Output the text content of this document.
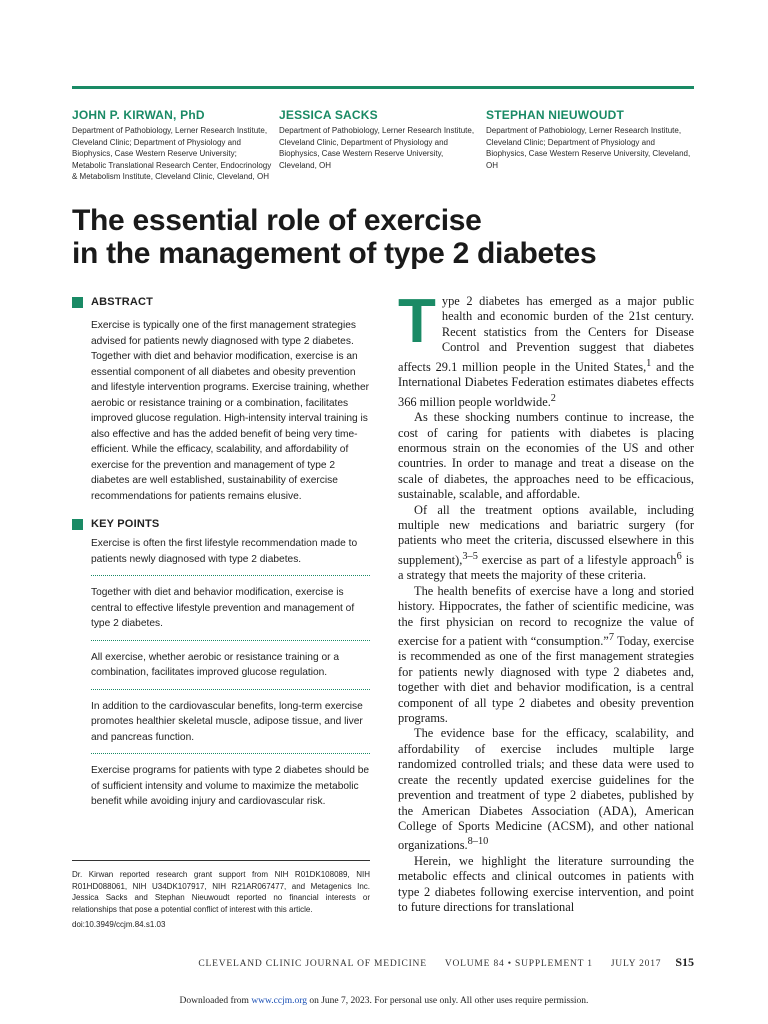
JOHN P. KIRWAN, PhD
Department of Pathobiology, Lerner Research Institute, Cleveland Clinic; Department of Physiology and Biophysics, Case Western Reserve University; Metabolic Translational Research Center, Endocrinology & Metabolism Institute, Cleveland Clinic, Cleveland, OH
JESSICA SACKS
Department of Pathobiology, Lerner Research Institute, Cleveland Clinic, Department of Physiology and Biophysics, Case Western Reserve University, Cleveland, OH
STEPHAN NIEUWOUDT
Department of Pathobiology, Lerner Research Institute, Cleveland Clinic; Department of Physiology and Biophysics, Case Western Reserve University, Cleveland, OH
The essential role of exercise
in the management of type 2 diabetes
ABSTRACT
Exercise is typically one of the first management strategies advised for patients newly diagnosed with type 2 diabetes. Together with diet and behavior modification, exercise is an essential component of all diabetes and obesity prevention and lifestyle intervention programs. Exercise training, whether aerobic or resistance training or a combination, facilitates improved glucose regulation. High-intensity interval training is also effective and has the added benefit of being very time-efficient. While the efficacy, scalability, and affordability of exercise for the prevention and management of type 2 diabetes are well established, sustainability of exercise recommendations for patients remains elusive.
KEY POINTS
Exercise is often the first lifestyle recommendation made to patients newly diagnosed with type 2 diabetes.
Together with diet and behavior modification, exercise is central to effective lifestyle prevention and management of type 2 diabetes.
All exercise, whether aerobic or resistance training or a combination, facilitates improved glucose regulation.
In addition to the cardiovascular benefits, long-term exercise promotes healthier skeletal muscle, adipose tissue, and liver and pancreas function.
Exercise programs for patients with type 2 diabetes should be of sufficient intensity and volume to maximize the metabolic benefit while avoiding injury and cardiovascular risk.
Dr. Kirwan reported research grant support from NIH R01DK108089, NIH R01HD088061, NIH U34DK107917, NIH R21AR067477, and Metagenics Inc. Jessica Sacks and Stephan Nieuwoudt reported no financial interests or relationships that pose a potential conflict of interest with this article.
doi:10.3949/ccjm.84.s1.03

Type 2 diabetes has emerged as a major public health and economic burden of the 21st century. Recent statistics from the Centers for Disease Control and Prevention suggest that diabetes affects 29.1 million people in the United States,$^1$ and the International Diabetes Federation estimates diabetes effects 366 million people worldwide.$^2$

As these shocking numbers continue to increase, the cost of caring for patients with diabetes is placing enormous strain on the economies of the US and other countries. In order to manage and treat a disease on the scale of diabetes, the approaches need to be efficacious, sustainable, scalable, and affordable.

Of all the treatment options available, including multiple new medications and bariatric surgery (for patients who meet the criteria, discussed elsewhere in this supplement),$^{3-5}$ exercise as part of a lifestyle approach$^6$ is a strategy that meets the majority of these criteria.

The health benefits of exercise have a long and storied history. Hippocrates, the father of scientific medicine, was the first physician on record to recognize the value of exercise for a patient with “consumption.”$^7$ Today, exercise is recommended as one of the first management strategies for patients newly diagnosed with type 2 diabetes and, together with diet and behavior modification, is a central component of all type 2 diabetes and obesity prevention programs.

The evidence base for the efficacy, scalability, and affordability of exercise includes multiple large randomized controlled trials; and these data were used to create the recently updated exercise guidelines for the prevention and treatment of type 2 diabetes, published by the American Diabetes Association (ADA), American College of Sports Medicine (ACSM), and other national organizations.$^{8-10}$

Herein, we highlight the literature surrounding the metabolic effects and clinical outcomes in patients with type 2 diabetes following exercise intervention, and point to future directions for translational

CLEVELAND CLINIC JOURNAL OF MEDICINE VOLUME 84 • SUPPLEMENT 1 JULY 2017 S15
Downloaded from www.ccjm.org on June 7, 2023. For personal use only. All other uses require permission.
